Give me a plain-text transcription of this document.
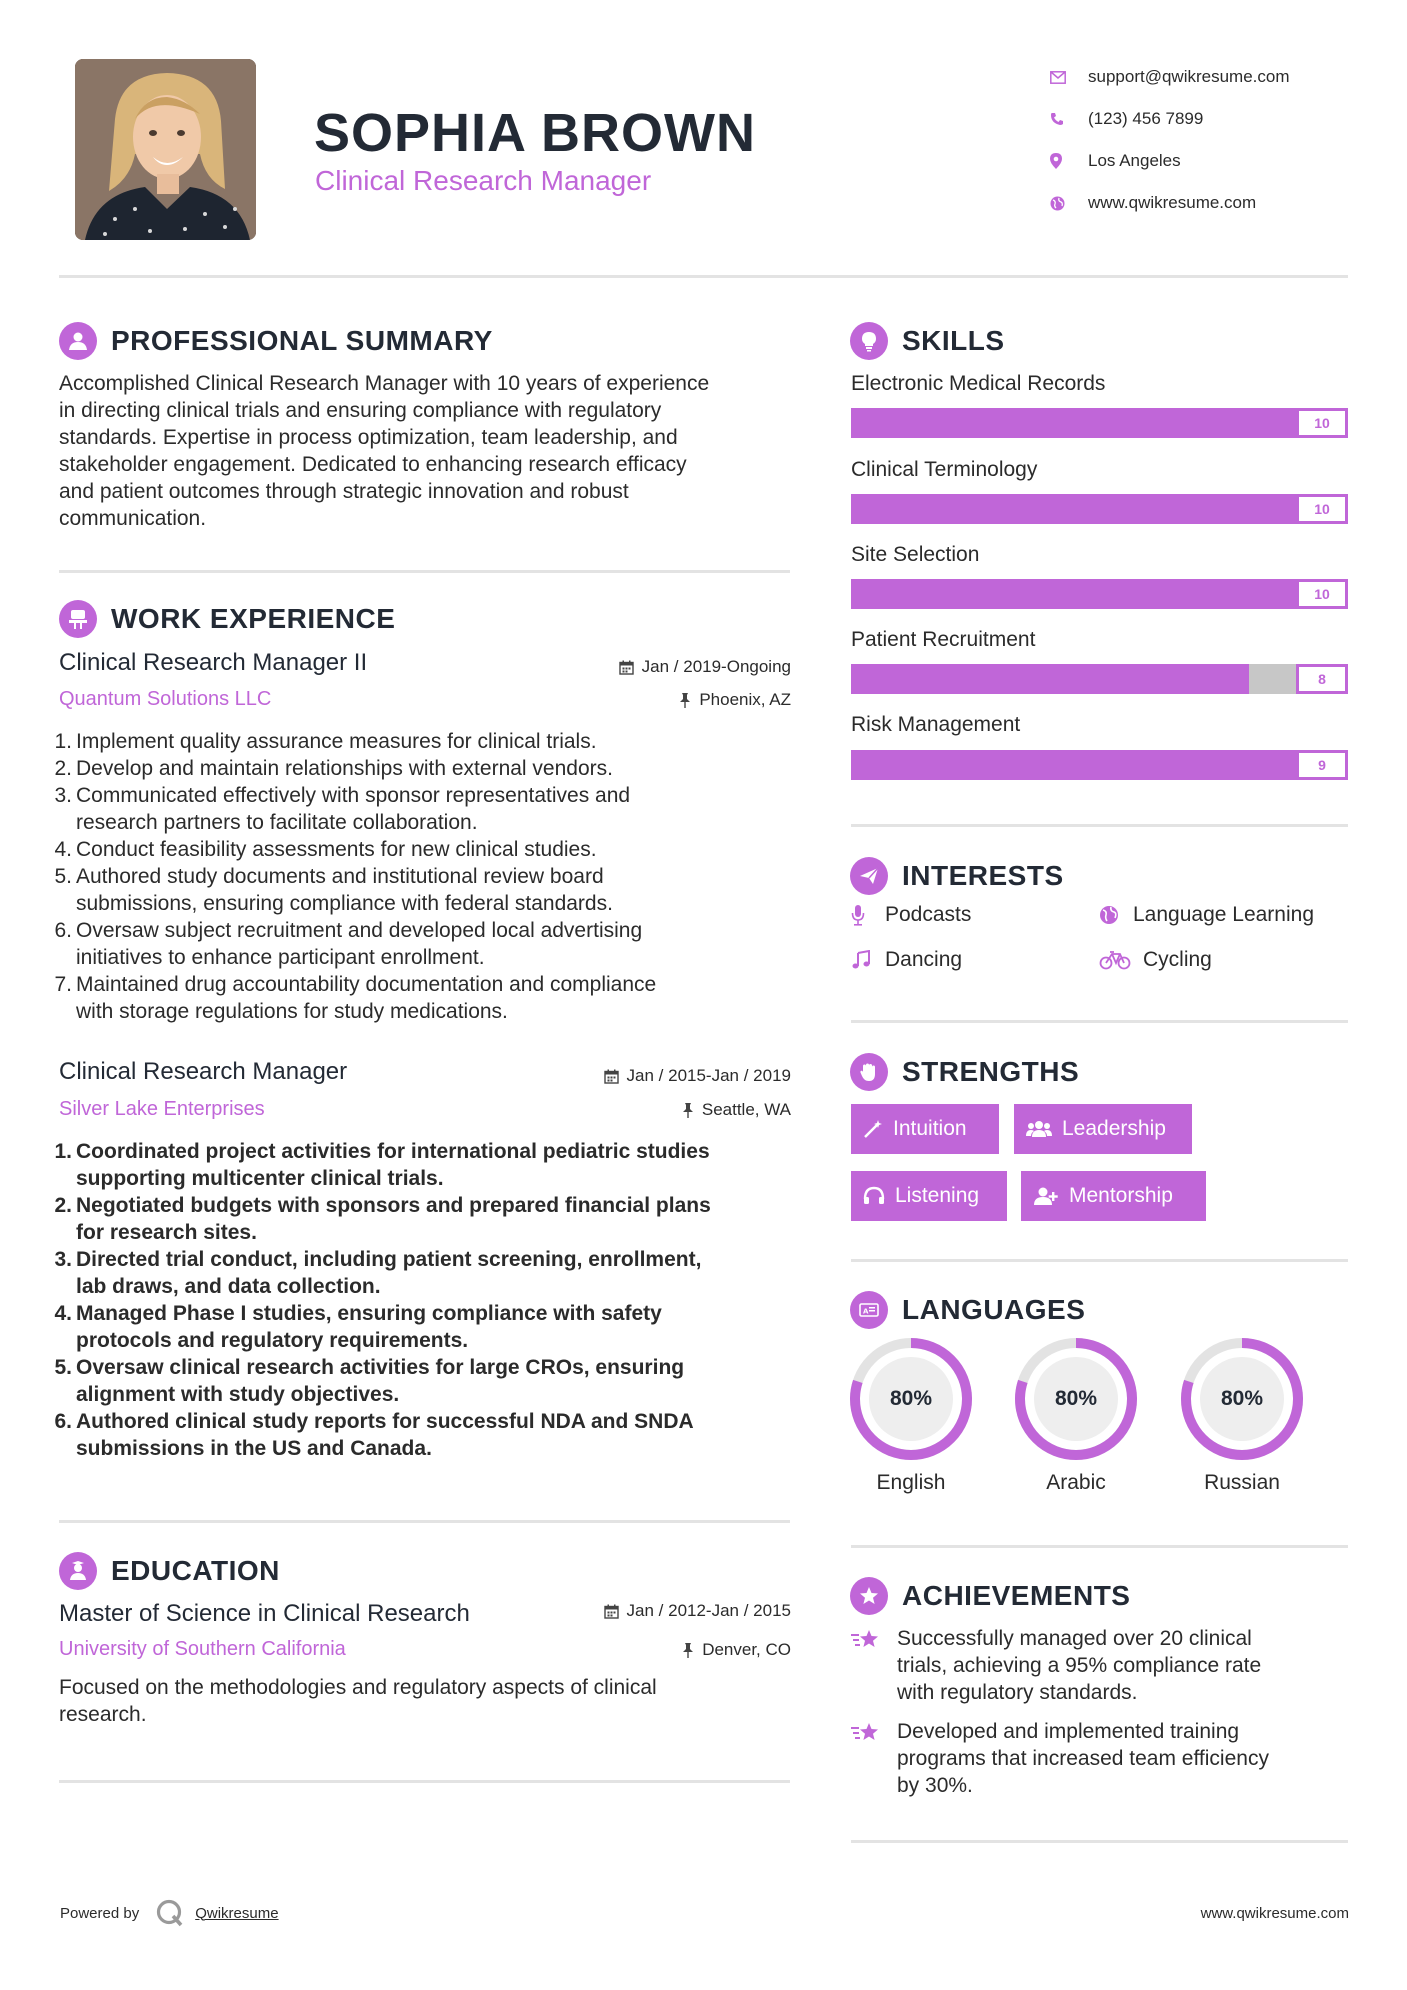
SOPHIA BROWN
Clinical Research Manager
support@qwikresume.com
(123) 456 7899
Los Angeles
www.qwikresume.com
PROFESSIONAL SUMMARY
Accomplished Clinical Research Manager with 10 years of experience
in directing clinical trials and ensuring compliance with regulatory
standards. Expertise in process optimization, team leadership, and
stakeholder engagement. Dedicated to enhancing research efficacy
and patient outcomes through strategic innovation and robust
communication.
WORK EXPERIENCE
Clinical Research Manager II	Jan / 2019-Ongoing
Quantum Solutions LLC	Phoenix, AZ
1. Implement quality assurance measures for clinical trials.
2. Develop and maintain relationships with external vendors.
3. Communicated effectively with sponsor representatives and
research partners to facilitate collaboration.
4. Conduct feasibility assessments for new clinical studies.
5. Authored study documents and institutional review board
submissions, ensuring compliance with federal standards.
6. Oversaw subject recruitment and developed local advertising
initiatives to enhance participant enrollment.
7. Maintained drug accountability documentation and compliance
with storage regulations for study medications.
Clinical Research Manager	Jan / 2015-Jan / 2019
Silver Lake Enterprises	Seattle, WA
1. Coordinated project activities for international pediatric studies
supporting multicenter clinical trials.
2. Negotiated budgets with sponsors and prepared financial plans
for research sites.
3. Directed trial conduct, including patient screening, enrollment,
lab draws, and data collection.
4. Managed Phase I studies, ensuring compliance with safety
protocols and regulatory requirements.
5. Oversaw clinical research activities for large CROs, ensuring
alignment with study objectives.
6. Authored clinical study reports for successful NDA and SNDA
submissions in the US and Canada.
EDUCATION
Master of Science in Clinical Research	Jan / 2012-Jan / 2015
University of Southern California	Denver, CO
Focused on the methodologies and regulatory aspects of clinical
research.
SKILLS
Electronic Medical Records
10
Clinical Terminology
10
Site Selection
10
Patient Recruitment
8
Risk Management
9
INTERESTS
Podcasts	Language Learning
Dancing	Cycling
STRENGTHS
Intuition	Leadership
Listening	Mentorship
A LANGUAGES
80%
English
80%
Arabic
80%
Russian
ACHIEVEMENTS
Successfully managed over 20 clinical
trials, achieving a 95% compliance rate
with regulatory standards.
Developed and implemented training
programs that increased team efficiency
by 30%.
Powered by	Qwikresume	www.qwikresume.com
